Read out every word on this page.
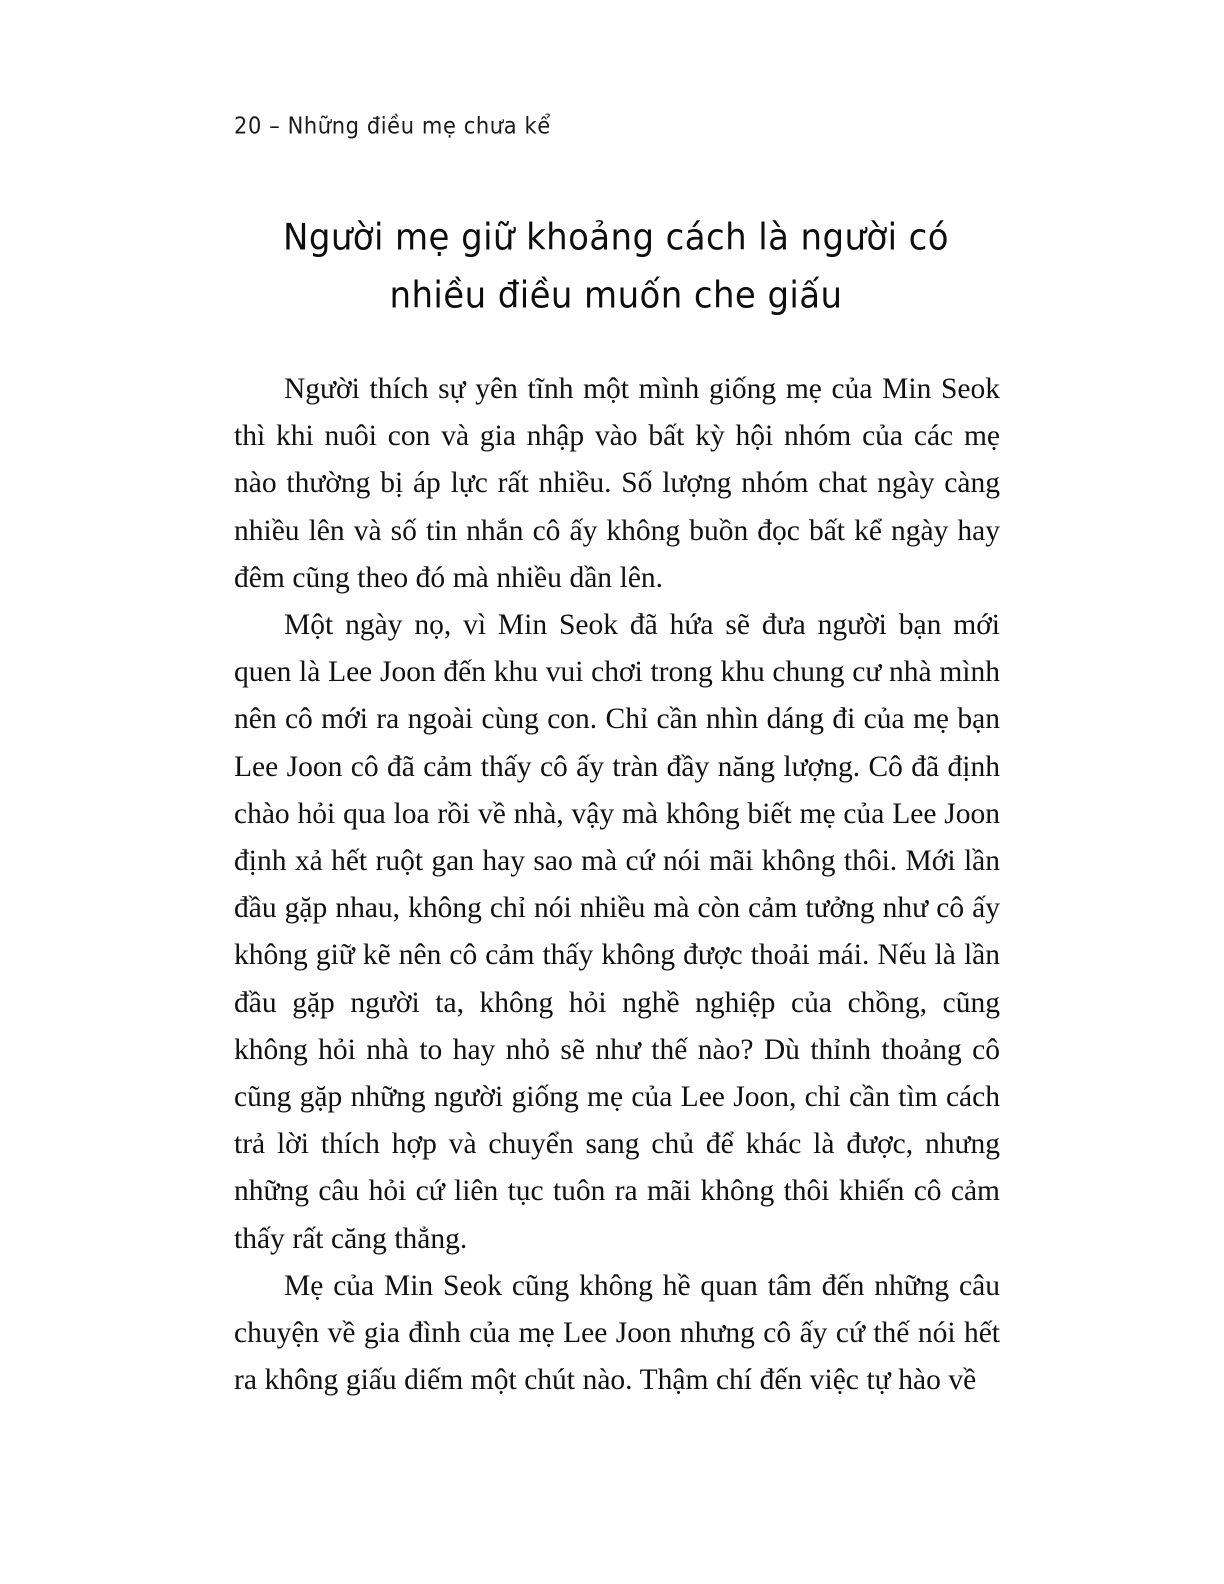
20 – Những điều mẹ chưa kể
Người mẹ giữ khoảng cách là người có nhiều điều muốn che giấu

Người thích sự yên tĩnh một mình giống mẹ của Min Seok thì khi nuôi con và gia nhập vào bất kỳ hội nhóm của các mẹ nào thường bị áp lực rất nhiều. Số lượng nhóm chat ngày càng nhiều lên và số tin nhắn cô ấy không buồn đọc bất kể ngày hay đêm cũng theo đó mà nhiều dần lên.

Một ngày nọ, vì Min Seok đã hứa sẽ đưa người bạn mới quen là Lee Joon đến khu vui chơi trong khu chung cư nhà mình nên cô mới ra ngoài cùng con. Chỉ cần nhìn dáng đi của mẹ bạn Lee Joon cô đã cảm thấy cô ấy tràn đầy năng lượng. Cô đã định chào hỏi qua loa rồi về nhà, vậy mà không biết mẹ của Lee Joon định xả hết ruột gan hay sao mà cứ nói mãi không thôi. Mới lần đầu gặp nhau, không chỉ nói nhiều mà còn cảm tưởng như cô ấy không giữ kẽ nên cô cảm thấy không được thoải mái. Nếu là lần đầu gặp người ta, không hỏi nghề nghiệp của chồng, cũng không hỏi nhà to hay nhỏ sẽ như thế nào? Dù thỉnh thoảng cô cũng gặp những người giống mẹ của Lee Joon, chỉ cần tìm cách trả lời thích hợp và chuyển sang chủ để khác là được, nhưng những câu hỏi cứ liên tục tuôn ra mãi không thôi khiến cô cảm thấy rất căng thẳng.

Mẹ của Min Seok cũng không hề quan tâm đến những câu chuyện về gia đình của mẹ Lee Joon nhưng cô ấy cứ thế nói hết ra không giấu diếm một chút nào. Thậm chí đến việc tự hào về
